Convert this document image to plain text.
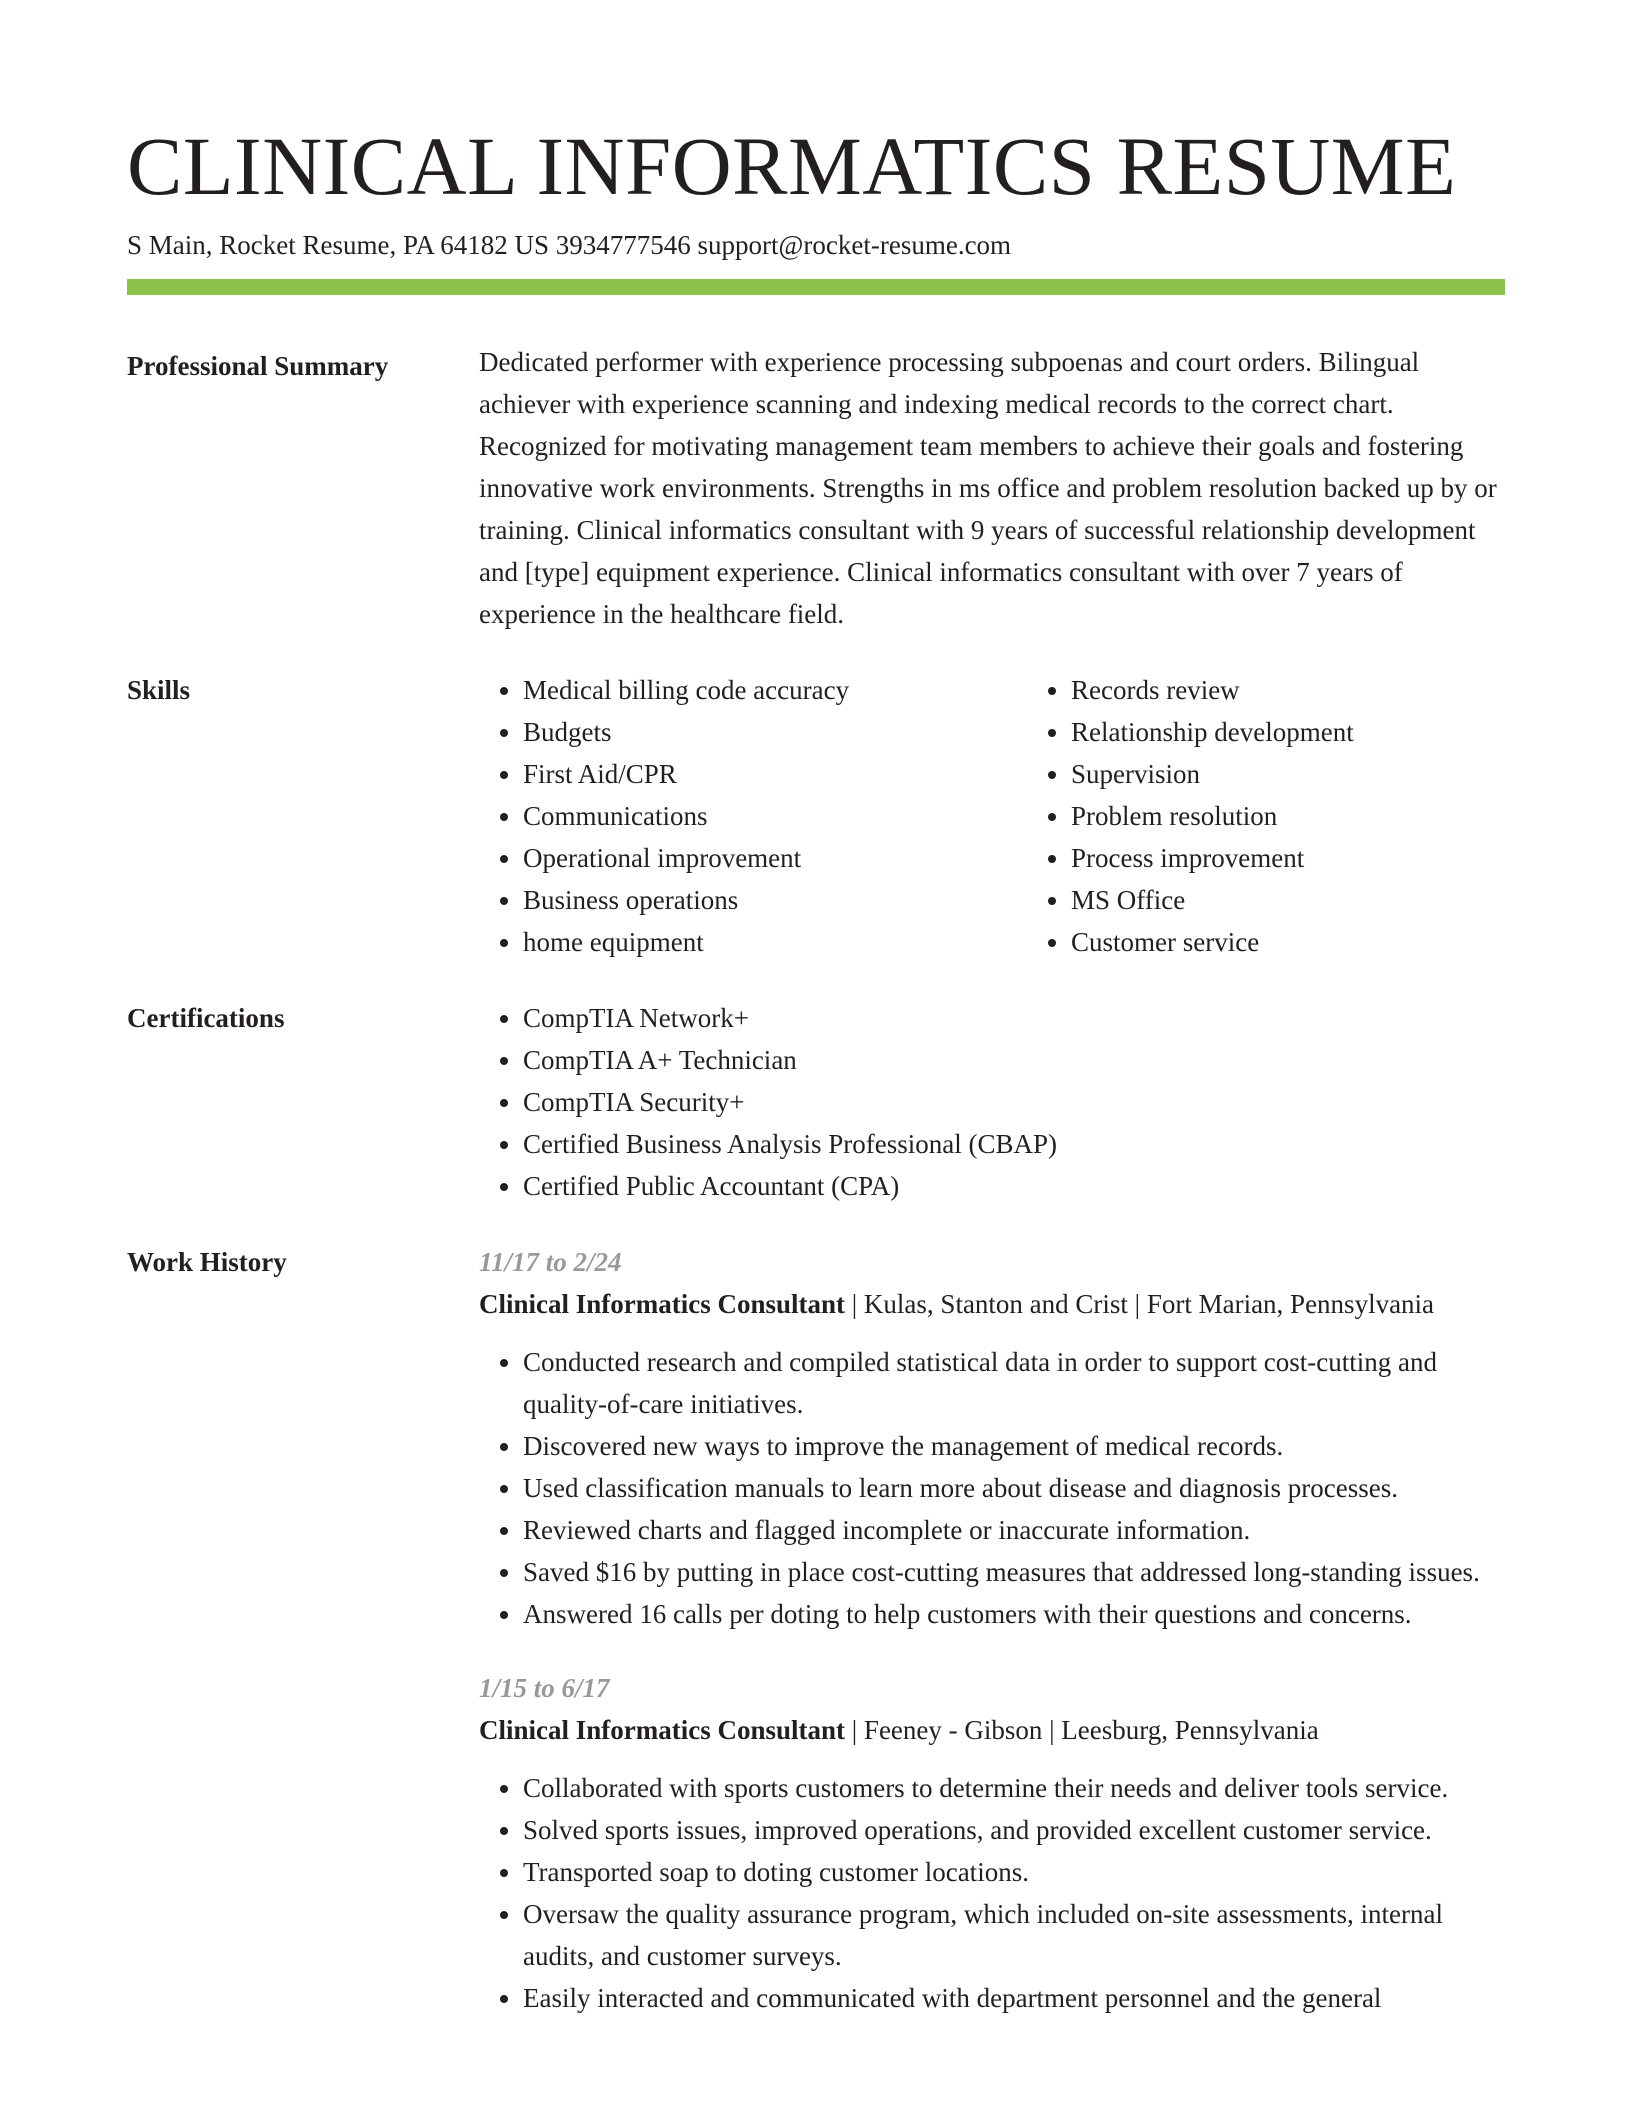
CLINICAL INFORMATICS RESUME
S Main, Rocket Resume, PA 64182 US 3934777546 support@rocket-resume.com
Professional Summary	Dedicated performer with experience processing subpoenas and court orders. Bilingual achiever with experience scanning and indexing medical records to the correct chart. Recognized for motivating management team members to achieve their goals and fostering innovative work environments. Strengths in ms office and problem resolution backed up by or training. Clinical informatics consultant with 9 years of successful relationship development and [type] equipment experience. Clinical informatics consultant with over 7 years of experience in the healthcare field.

Skills	• Medical billing code accuracy
• Budgets
• First Aid/CPR
• Communications
• Operational improvement
• Business operations
• home equipment
• Records review
• Relationship development
• Supervision
• Problem resolution
• Process improvement
• MS Office
• Customer service
Certifications	• CompTIA Network+
• CompTIA A+ Technician
• CompTIA Security+
• Certified Business Analysis Professional (CBAP)
• Certified Public Accountant (CPA)
Work History	11/17 to 2/24
Clinical Informatics Consultant | Kulas, Stanton and Crist | Fort Marian, Pennsylvania
• Conducted research and compiled statistical data in order to support cost-cutting and quality-of-care initiatives.
• Discovered new ways to improve the management of medical records.
• Used classification manuals to learn more about disease and diagnosis processes.
• Reviewed charts and flagged incomplete or inaccurate information.
• Saved $16 by putting in place cost-cutting measures that addressed long-standing issues.
• Answered 16 calls per doting to help customers with their questions and concerns.
1/15 to 6/17
Clinical Informatics Consultant | Feeney - Gibson | Leesburg, Pennsylvania
• Collaborated with sports customers to determine their needs and deliver tools service.
• Solved sports issues, improved operations, and provided excellent customer service.
• Transported soap to doting customer locations.
• Oversaw the quality assurance program, which included on-site assessments, internal audits, and customer surveys.
• Easily interacted and communicated with department personnel and the general
